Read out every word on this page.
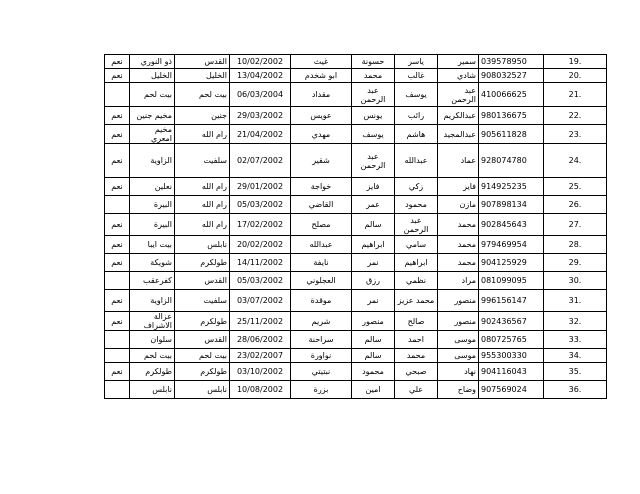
نعم	ذو النوري	القدس	10/02/2002	غيث	حسونة	ياسر	سمير	039578950	19.
نعم	الخليل	الخليل	13/04/2002	ابو شخدم	محمد	غالب	شادي	908032527	20.
	بيت لحم	بيت لحم	06/03/2004	مقداد	عبد الرحمن	يوسف	عبد الرحمن	410066625	21.
نعم	مخيم جنين	جنين	29/03/2002	عويس	يونس	رائب	عبدالكريم	980136675	22.
نعم	مخيم امعري	رام الله	21/04/2002	مهدي	يوسف	هاشم	عبدالمجيد	905611828	23.
نعم	الزاوية	سلفيت	02/07/2002	شقير	عبد الرحمن	عبدالله	عماد	928074780	24.
نعم	نعلين	رام الله	29/01/2002	خواجة	فايز	زكي	فايز	914925235	25.
	البيرة	رام الله	05/03/2002	القاضي	عمر	محمود	مازن	907898134	26.
نعم	البيرة	رام الله	17/02/2002	مصلح	سالم	عبد الرحمن	محمد	902845643	27.
نعم	بيت ايبا	نابلس	20/02/2002	عبدالله	ابراهيم	سامي	محمد	979469954	28.
نعم	شويكة	طولكرم	14/11/2002	نايفة	نمر	ابراهيم	محمد	904125929	29.
	كفرعقب	القدس	05/03/2002	العجلوني	رزق	نظمي	مراد	081099095	30.
نعم	الزاوية	سلفيت	03/07/2002	موقدة	نمر	محمد عزيز	منصور	996156147	31.
نعم	عزالة الاشراف	طولكرم	25/11/2002	شريم	منصور	صالح	منصور	902436567	32.
	سلوان	القدس	28/06/2002	سراحنة	سالم	احمد	موسى	080725765	33.
	بيت لحم	بيت لحم	23/02/2007	نواورة	سالم	محمد	موسى	955300330	34.
نعم	طولكرم	طولكرم	03/10/2002	نبتيتي	محمود	صبحي	نهاد	904116043	35.
	نابلس	نابلس	10/08/2002	بزرة	امين	علي	وضاح	907569024	36.
